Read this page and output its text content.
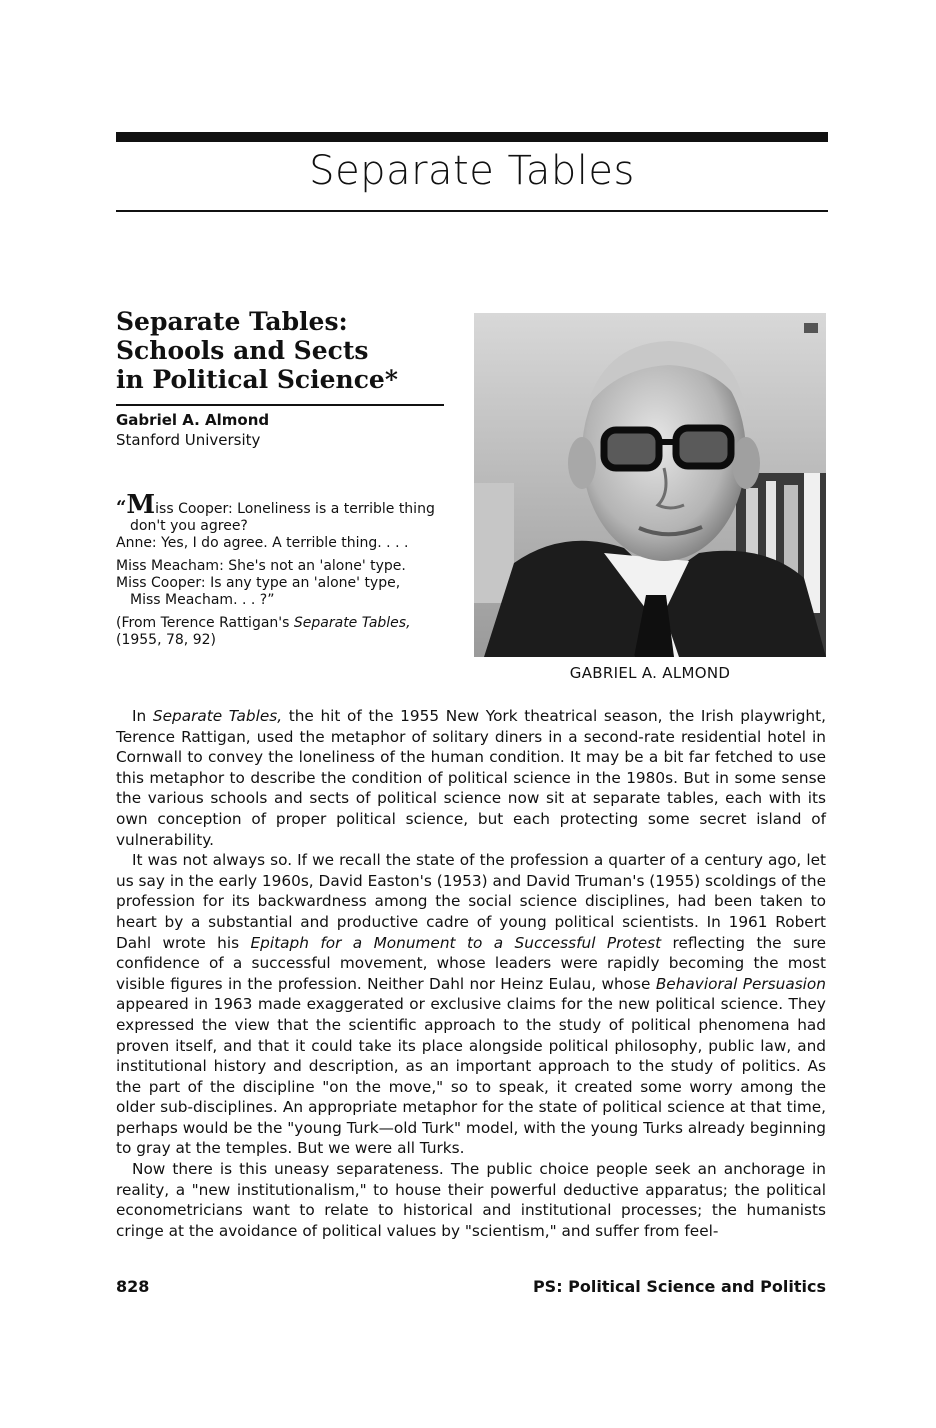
Separate Tables
Separate Tables:
Schools and Sects
in Political Science*
Gabriel A. Almond
Stanford University

“Miss Cooper: Loneliness is a terrible thing

don't you agree?

Anne: Yes, I do agree. A terrible thing. . . .

Miss Meacham: She's not an 'alone' type.

Miss Cooper: Is any type an 'alone' type,

Miss Meacham. . . ?”

(From Terence Rattigan's Separate Tables,

(1955, 78, 92)

GABRIEL A. ALMOND

In Separate Tables, the hit of the 1955 New York theatrical season, the Irish playwright, Terence Rattigan, used the metaphor of solitary diners in a second-rate residential hotel in Cornwall to convey the loneliness of the human condition. It may be a bit far fetched to use this metaphor to describe the condition of political science in the 1980s. But in some sense the various schools and sects of political science now sit at separate tables, each with its own conception of proper political science, but each protecting some secret island of vulnerability.

It was not always so. If we recall the state of the profession a quarter of a century ago, let us say in the early 1960s, David Easton's (1953) and David Truman's (1955) scoldings of the profession for its backwardness among the social science disciplines, had been taken to heart by a substantial and productive cadre of young political scientists. In 1961 Robert Dahl wrote his Epitaph for a Monument to a Successful Protest reflecting the sure confidence of a successful movement, whose leaders were rapidly becoming the most visible figures in the profession. Neither Dahl nor Heinz Eulau, whose Behavioral Persuasion appeared in 1963 made exaggerated or exclusive claims for the new political science. They expressed the view that the scientific approach to the study of political phenomena had proven itself, and that it could take its place alongside political philosophy, public law, and institutional history and description, as an important approach to the study of politics. As the part of the discipline "on the move," so to speak, it created some worry among the older sub-disciplines. An appropriate metaphor for the state of political science at that time, perhaps would be the "young Turk—old Turk" model, with the young Turks already beginning to gray at the temples. But we were all Turks.

Now there is this uneasy separateness. The public choice people seek an anchorage in reality, a "new institutionalism," to house their powerful deductive apparatus; the political econometricians want to relate to historical and institutional processes; the humanists cringe at the avoidance of political values by "scientism," and suffer from feel-

828	PS: Political Science and Politics
